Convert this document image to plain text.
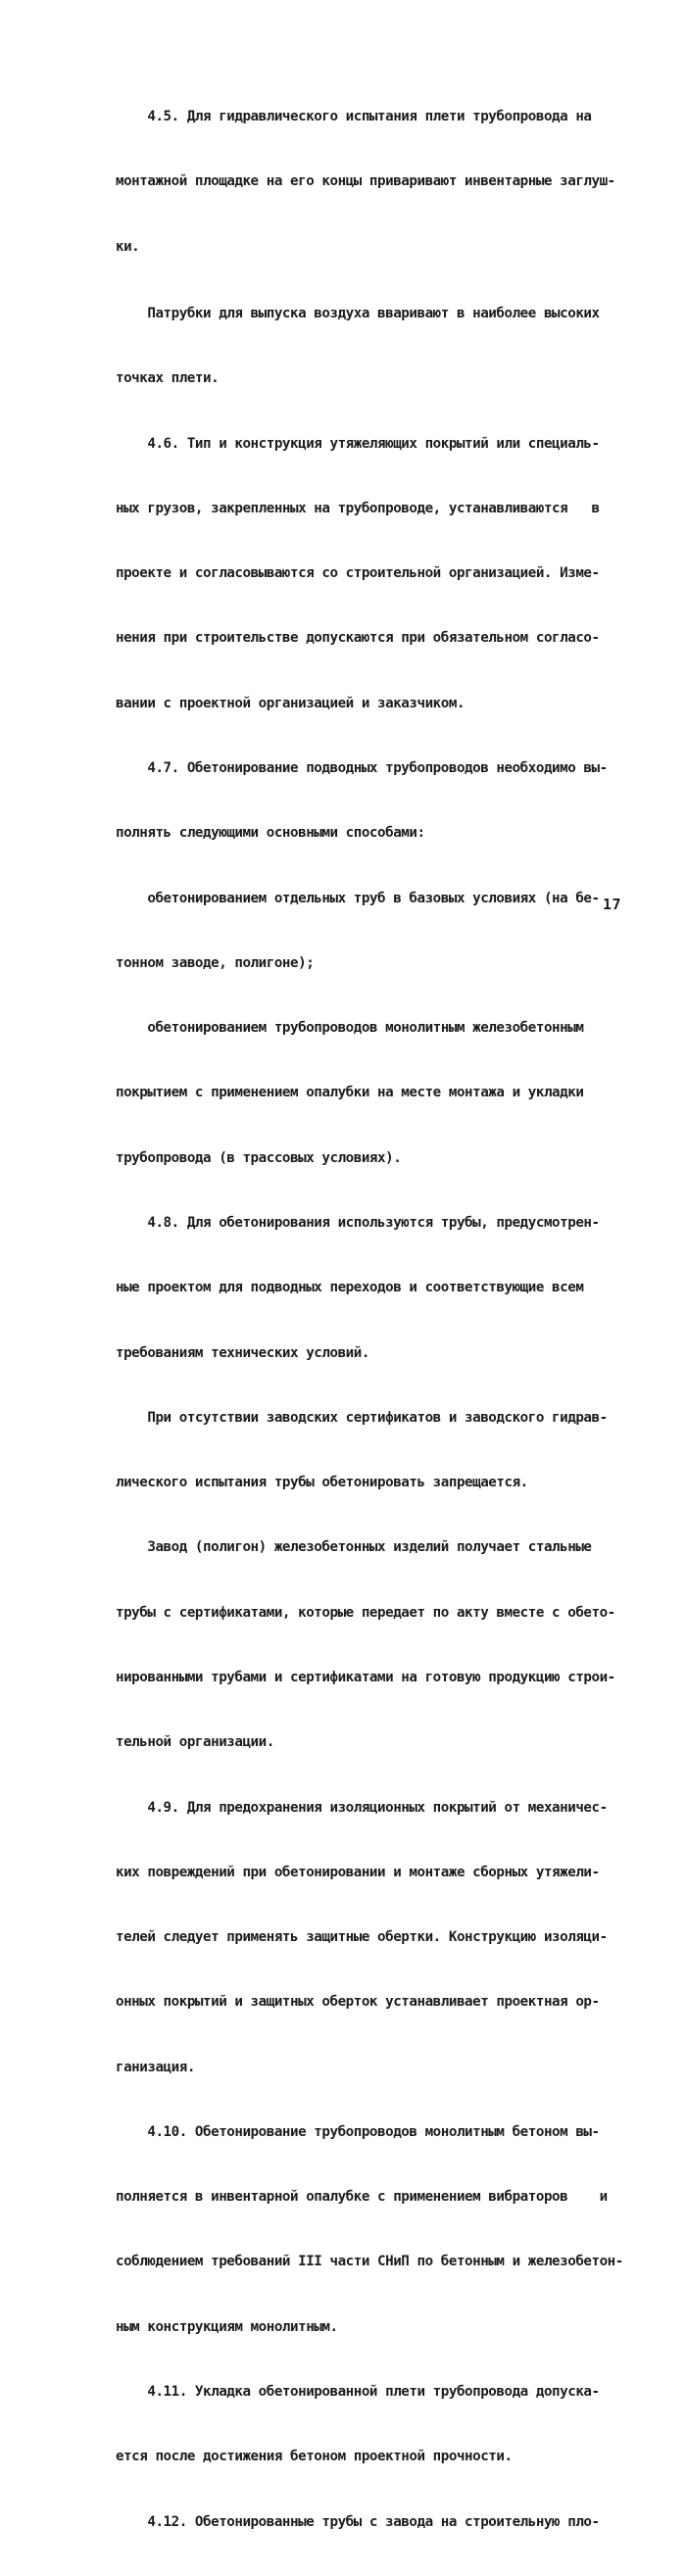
4.5. Для гидравлического испытания плети трубопровода на

монтажной площадке на его концы приваривают инвентарные заглуш-

ки.

Патрубки для выпуска воздуха вваривают в наиболее высоких

точках плети.

4.6. Тип и конструкция утяжеляющих покрытий или специаль-

ных грузов, закрепленных на трубопроводе, устанавливаются   в

проекте и согласовываются со строительной организацией. Изме-

нения при строительстве допускаются при обязательном согласо-

вании с проектной организацией и заказчиком.

4.7. Обетонирование подводных трубопроводов необходимо вы-

полнять следующими основными способами:

обетонированием отдельных труб в базовых условиях (на бе-

тонном заводе, полигоне);

обетонированием трубопроводов монолитным железобетонным

покрытием с применением опалубки на месте монтажа и укладки

трубопровода (в трассовых условиях).

4.8. Для обетонирования используются трубы, предусмотрен-

ные проектом для подводных переходов и соответствующие всем

требованиям технических условий.

При отсутствии заводских сертификатов и заводского гидрав-

лического испытания трубы обетонировать запрещается.

Завод (полигон) железобетонных изделий получает стальные

трубы с сертификатами, которые передает по акту вместе с обето-

нированными трубами и сертификатами на готовую продукцию строи-

тельной организации.

4.9. Для предохранения изоляционных покрытий от механичес-

ких повреждений при обетонировании и монтаже сборных утяжели-

телей следует применять защитные обертки. Конструкцию изоляци-

онных покрытий и защитных оберток устанавливает проектная ор-

ганизация.

4.10. Обетонирование трубопроводов монолитным бетоном вы-

полняется в инвентарной опалубке с применением вибраторов    и

соблюдением требований III части СНиП по бетонным и железобетон-

ным конструкциям монолитным.

4.11. Укладка обетонированной плети трубопровода допуска-

ется после достижения бетоном проектной прочности.

4.12. Обетонированные трубы с завода на строительную пло-

17
